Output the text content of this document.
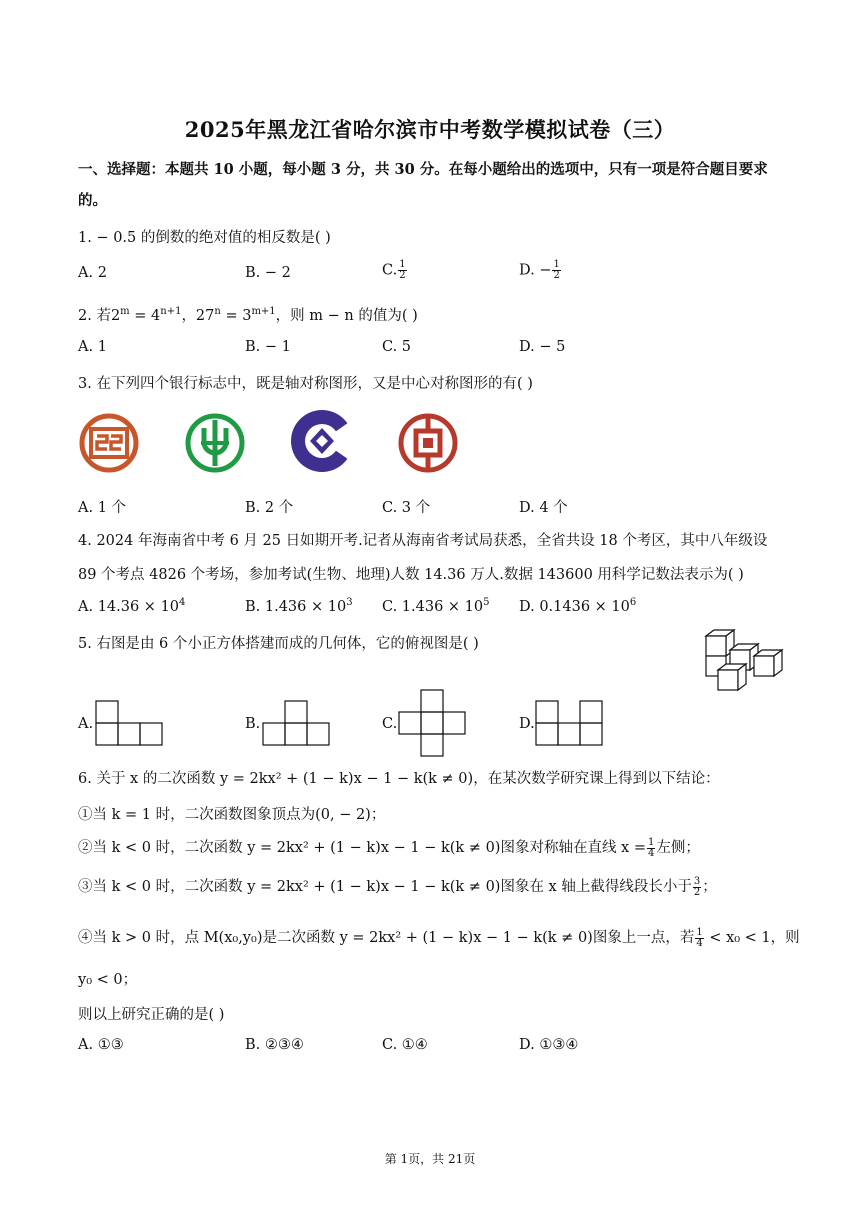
2025年黑龙江省哈尔滨市中考数学模拟试卷（三）
一、选择题：本题共 10 小题，每小题 3 分，共 30 分。在每小题给出的选项中，只有一项是符合题目要求
的。
1. − 0.5 的倒数的绝对值的相反数是( )
A. 2	B. − 2	C. $\frac{1}{2}$	D. − $\frac{1}{2}$
2. 若$2^m = 4^{n+1}$，$27^n = 3^{m+1}$，则 m − n 的值为( )
A. 1	B. − 1	C. 5	D. − 5
3. 在下列四个银行标志中，既是轴对称图形，又是中心对称图形的有( )
A. 1 个	B. 2 个	C. 3 个	D. 4 个
4. 2024 年海南省中考 6 月 25 日如期开考.记者从海南省考试局获悉，全省共设 18 个考区，其中八年级设
89 个考点 4826 个考场，参加考试(生物、地理)人数 14.36 万人.数据 143600 用科学记数法表示为( )
A. $14.36 \times 10^4$	B. $1.436 \times 10^3$ C. $1.436 \times 10^5$ D. $0.1436 \times 10^6$
5. 右图是由 6 个小正方体搭建而成的几何体，它的俯视图是( )
A.	B.	C.	D.
6. 关于 x 的二次函数 y = 2kx² + (1 − k)x − 1 − k(k ≠ 0)，在某次数学研究课上得到以下结论：
①当 k = 1 时，二次函数图象顶点为(0, − 2)；
②当 k < 0 时，二次函数 y = 2kx² + (1 − k)x − 1 − k(k ≠ 0)图象对称轴在直线 $x = \frac{1}{4}$ 左侧；
③当 k < 0 时，二次函数 y = 2kx² + (1 − k)x − 1 − k(k ≠ 0)图象在 x 轴上截得线段长小于 $\frac{3}{2}$ ；
④当 k > 0 时，点 M(x₀,y₀)是二次函数 y = 2kx² + (1 − k)x − 1 − k(k ≠ 0)图象上一点，若 $\frac{1}{4} < x_0 < 1$，则
y₀ < 0；
则以上研究正确的是( )
A. ①③	B. ②③④	C. ①④	D. ①③④
第 1页，共 21页
